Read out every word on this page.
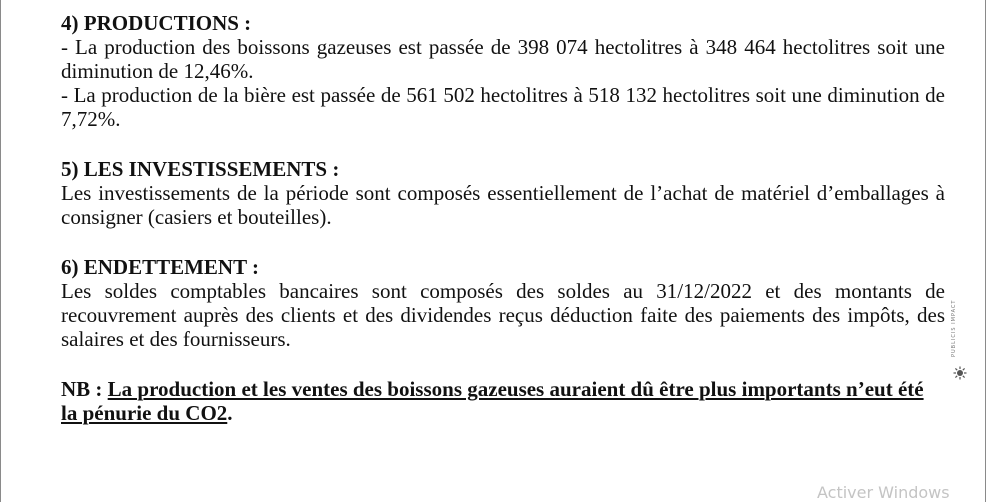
4) PRODUCTIONS :

- La production des boissons gazeuses est passée de 398 074 hectolitres à 348 464 hectolitres soit une diminution de 12,46%.

- La production de la bière est passée de 561 502 hectolitres à 518 132 hectolitres soit une diminution de 7,72%.

5) LES INVESTISSEMENTS :

Les investissements de la période sont composés essentiellement de l’achat de matériel d’emballages à consigner (casiers et bouteilles).

6) ENDETTEMENT :

Les soldes comptables bancaires sont composés des soldes au 31/12/2022 et des montants de recouvrement auprès des clients et des dividendes reçus déduction faite des paiements des impôts, des salaires et des fournisseurs.

NB : La production et les ventes des boissons gazeuses auraient dû être plus importants n’eut été la pénurie du CO2.

PUBLICIS IMPACT
Activer Windows
